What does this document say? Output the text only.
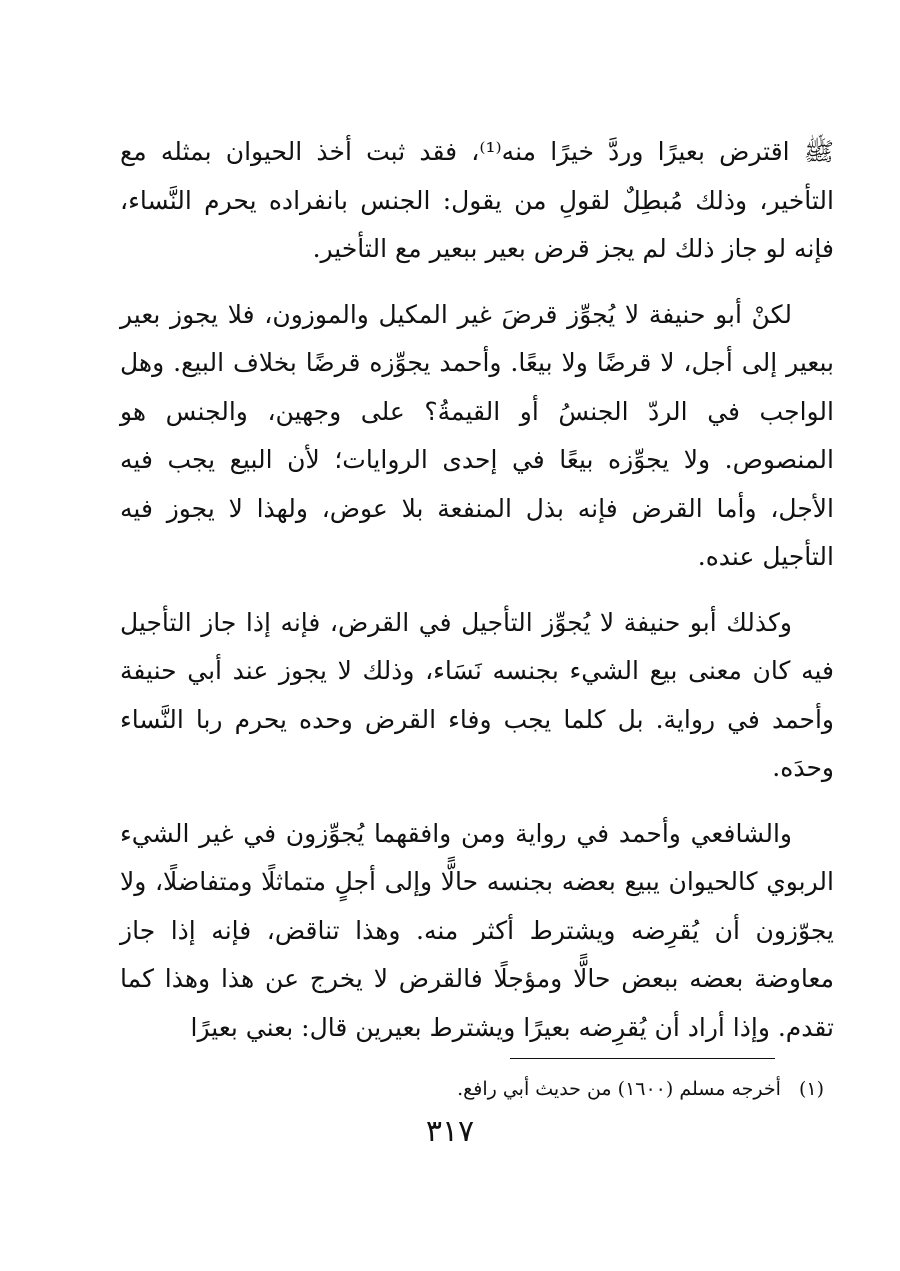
ﷺ اقترض بعيرًا وردَّ خيرًا منه⁽¹⁾، فقد ثبت أخذ الحيوان بمثله مع التأخير، وذلك مُبطِلٌ لقولِ من يقول: الجنس بانفراده يحرم النَّساء، فإنه لو جاز ذلك لم يجز قرض بعير ببعير مع التأخير.

لكنْ أبو حنيفة لا يُجوِّز قرضَ غير المكيل والموزون، فلا يجوز بعير ببعير إلى أجل، لا قرضًا ولا بيعًا. وأحمد يجوِّزه قرضًا بخلاف البيع. وهل الواجب في الردّ الجنسُ أو القيمةُ؟ على وجهين، والجنس هو المنصوص. ولا يجوِّزه بيعًا في إحدى الروايات؛ لأن البيع يجب فيه الأجل، وأما القرض فإنه بذل المنفعة بلا عوض، ولهذا لا يجوز فيه التأجيل عنده.

وكذلك أبو حنيفة لا يُجوِّز التأجيل في القرض، فإنه إذا جاز التأجيل فيه كان معنى بيع الشيء بجنسه نَسَاء، وذلك لا يجوز عند أبي حنيفة وأحمد في رواية. بل كلما يجب وفاء القرض وحده يحرم ربا النَّساء وحدَه.

والشافعي وأحمد في رواية ومن وافقهما يُجوِّزون في غير الشيء الربوي كالحيوان يبيع بعضه بجنسه حالًّا وإلى أجلٍ متماثلًا ومتفاضلًا، ولا يجوّزون أن يُقرِضه ويشترط أكثر منه. وهذا تناقض، فإنه إذا جاز معاوضة بعضه ببعض حالًّا ومؤجلًا فالقرض لا يخرج عن هذا وهذا كما تقدم. وإذا أراد أن يُقرِضه بعيرًا ويشترط بعيرين قال: بعني بعيرًا

(١) أخرجه مسلم (١٦٠٠) من حديث أبي رافع.
٣١٧
